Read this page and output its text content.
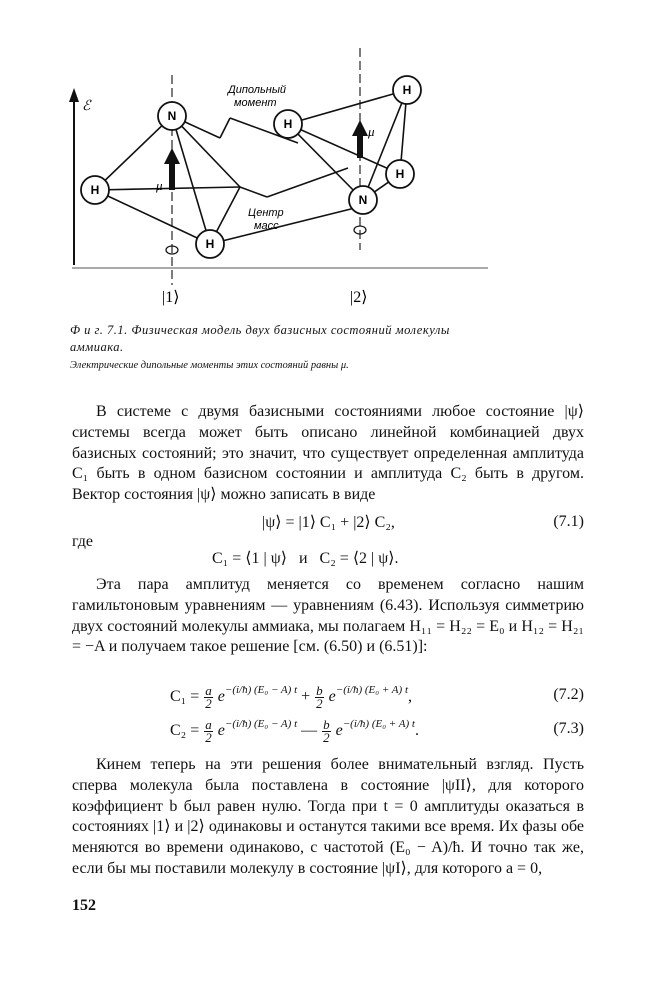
ℰ
N
H
H
H
H
H
N
Дипольный
момент
Центр
масс
μ
μ
|1⟩	|2⟩
Ф и г. 7.1. Физическая модель двух базисных состояний молекулы аммиака.
Электрические дипольные моменты этих состояний равны μ.
В системе с двумя базисными состояниями любое состояние |ψ⟩ системы всегда может быть описано линейной комбинацией двух базисных состояний; это значит, что существует определенная амплитуда C₁ быть в одном базисном состоянии и амплитуда C₂ быть в другом. Вектор состояния |ψ⟩ можно записать в виде
|ψ⟩ = |1⟩ C₁ + |2⟩ C₂,	(7.1)
где
C₁ = ⟨1 | ψ⟩   и   C₂ = ⟨2 | ψ⟩.
Эта пара амплитуд меняется со временем согласно нашим гамильтоновым уравнениям — уравнениям (6.43). Используя симметрию двух состояний молекулы аммиака, мы полагаем H₁₁ = H₂₂ = E₀ и H₁₂ = H₂₁ = −A и получаем такое решение [см. (6.50) и (6.51)]:
$C_1 = \frac{a}{2} e^{-(i/ħ) (E_0 - A) t} + \frac{b}{2} e^{-(i/ħ) (E_0 + A) t}$,	(7.2)
$C_2 = \frac{a}{2} e^{-(i/ħ) (E_0 - A) t}$ — $\frac{b}{2} e^{-(i/ħ) (E_0 + A) t}$.	(7.3)
Кинем теперь на эти решения более внимательный взгляд. Пусть сперва молекула была поставлена в состояние |ψII⟩, для которого коэффициент b был равен нулю. Тогда при t = 0 амплитуды оказаться в состояниях |1⟩ и |2⟩ одинаковы и останутся такими все время. Их фазы обе меняются во времени одинаково, с частотой (E₀ − A)/ħ. И точно так же, если бы мы поставили молекулу в состояние |ψI⟩, для которого a = 0,
152
